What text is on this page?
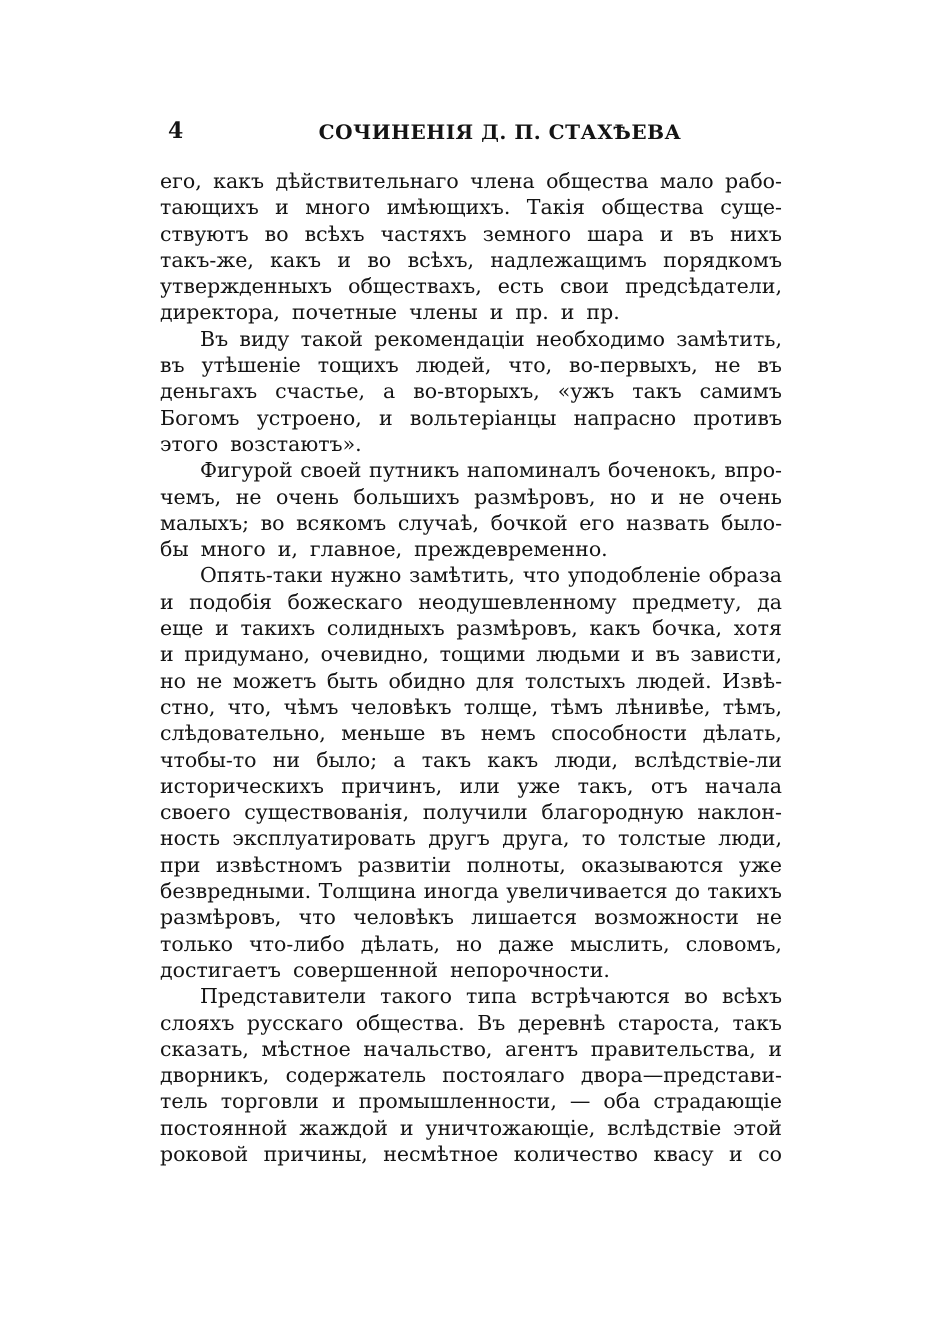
4	СОЧИНЕНІЯ Д. П. СТАХѢЕВА
его, какъ дѣйствительнаго члена общества мало рабо-
тающихъ и много имѣющихъ. Такія общества суще-
ствуютъ во всѣхъ частяхъ земного шара и въ нихъ
такъ-же, какъ и во всѣхъ, надлежащимъ порядкомъ
утвержденныхъ обществахъ, есть свои предсѣдатели,
директора, почетные члены и пр. и пр.
Въ виду такой рекомендаціи необходимо замѣтить,
въ утѣшеніе тощихъ людей, что, во-первыхъ, не въ
деньгахъ счастье, а во-вторыхъ, «ужъ такъ самимъ
Богомъ устроено, и вольтеріанцы напрасно противъ
этого возстаютъ».
Фигурой своей путникъ напоминалъ боченокъ, впро-
чемъ, не очень большихъ размѣровъ, но и не очень
малыхъ; во всякомъ случаѣ, бочкой его назвать было-
бы много и, главное, преждевременно.
Опять-таки нужно замѣтить, что уподобленіе образа
и подобія божескаго неодушевленному предмету, да
еще и такихъ солидныхъ размѣровъ, какъ бочка, хотя
и придумано, очевидно, тощими людьми и въ зависти,
но не можетъ быть обидно для толстыхъ людей. Извѣ-
стно, что, чѣмъ человѣкъ толще, тѣмъ лѣнивѣе, тѣмъ,
слѣдовательно, меньше въ немъ способности дѣлать,
чтобы-то ни было; а такъ какъ люди, вслѣдствіе-ли
историческихъ причинъ, или уже такъ, отъ начала
своего существованія, получили благородную наклон-
ность эксплуатировать другъ друга, то толстые люди,
при извѣстномъ развитіи полноты, оказываются уже
безвредными. Толщина иногда увеличивается до такихъ
размѣровъ, что человѣкъ лишается возможности не
только что-либо дѣлать, но даже мыслить, словомъ,
достигаетъ совершенной непорочности.
Представители такого типа встрѣчаются во всѣхъ
слояхъ русскаго общества. Въ деревнѣ староста, такъ
сказать, мѣстное начальство, агентъ правительства, и
дворникъ, содержатель постоялаго двора—представи-
тель торговли и промышленности, — оба страдающіе
постоянной жаждой и уничтожающіе, вслѣдствіе этой
роковой причины, несмѣтное количество квасу и со
